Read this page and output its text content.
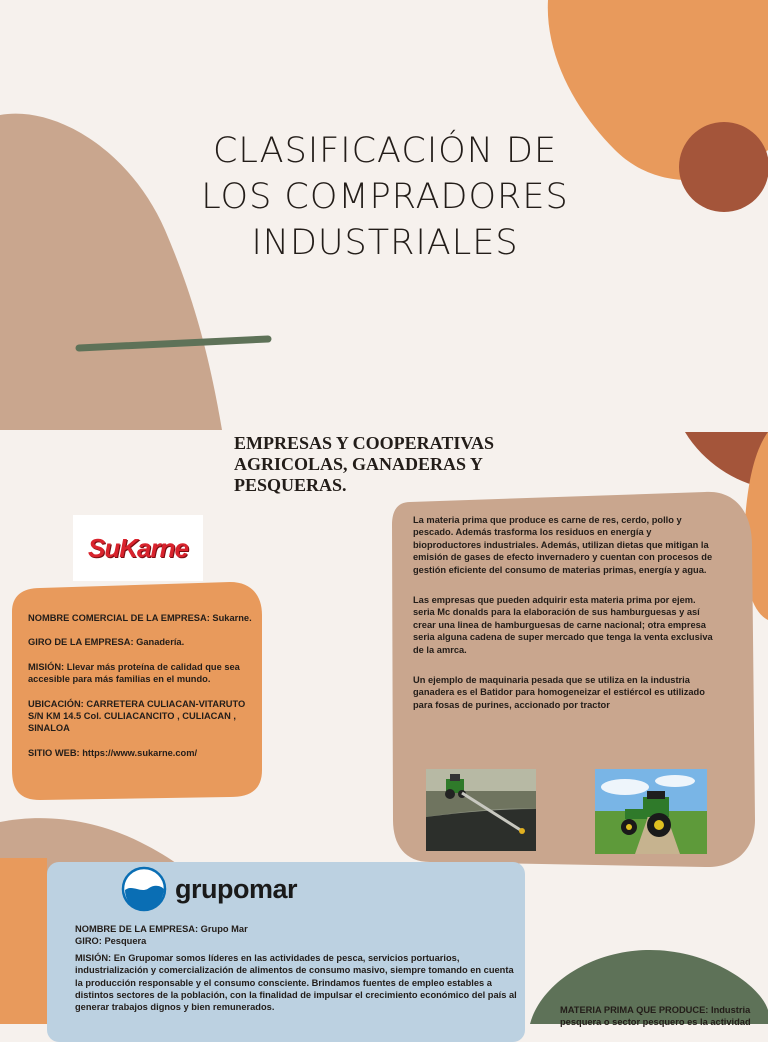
CLASIFICACIÓN DE
LOS COMPRADORES
INDUSTRIALES
EMPRESAS Y COOPERATIVAS
AGRICOLAS, GANADERAS Y
PESQUERAS.
SuKarne

NOMBRE COMERCIAL DE LA EMPRESA: Sukarne.

GIRO DE LA EMPRESA: Ganadería.

MISIÓN: Llevar más proteína de calidad que sea accesible para más familias en el mundo.

UBICACIÓN: CARRETERA CULIACAN-VITARUTO S/N KM 14.5 Col. CULIACANCITO , CULIACAN , SINALOA

SITIO WEB: https://www.sukarne.com/

La materia prima que produce es carne de res, cerdo, pollo y pescado. Además trasforma los residuos en energía y bioproductores industriales. Además, utilizan dietas que mitigan la emisión de gases de efecto invernadero y cuentan con procesos de gestión eficiente del consumo de materias primas, energía y agua.

Las empresas que pueden adquirir esta materia prima por ejem. seria Mc donalds para la elaboración de sus hamburguesas y así crear una linea de hamburguesas de carne nacional; otra empresa seria alguna cadena de super mercado que tenga la venta exclusiva de la amrca.

Un ejemplo de maquinaria pesada que se utiliza en la industria ganadera es el Batidor para homogeneizar el estiércol es utilizado para fosas de purines, accionado por tractor

grupomar

NOMBRE DE LA EMPRESA: Grupo Mar

GIRO: Pesquera

MISIÓN: En Grupomar somos líderes en las actividades de pesca, servicios portuarios, industrialización y comercialización de alimentos de consumo masivo, siempre tomando en cuenta la producción responsable y el consumo consciente. Brindamos fuentes de empleo estables a distintos sectores de la población, con la finalidad de impulsar el crecimiento económico del país al generar trabajos dignos y bien remunerados.	MATERIA PRIMA QUE PRODUCE: Industria pesquera o sector pesquero es la actividad
